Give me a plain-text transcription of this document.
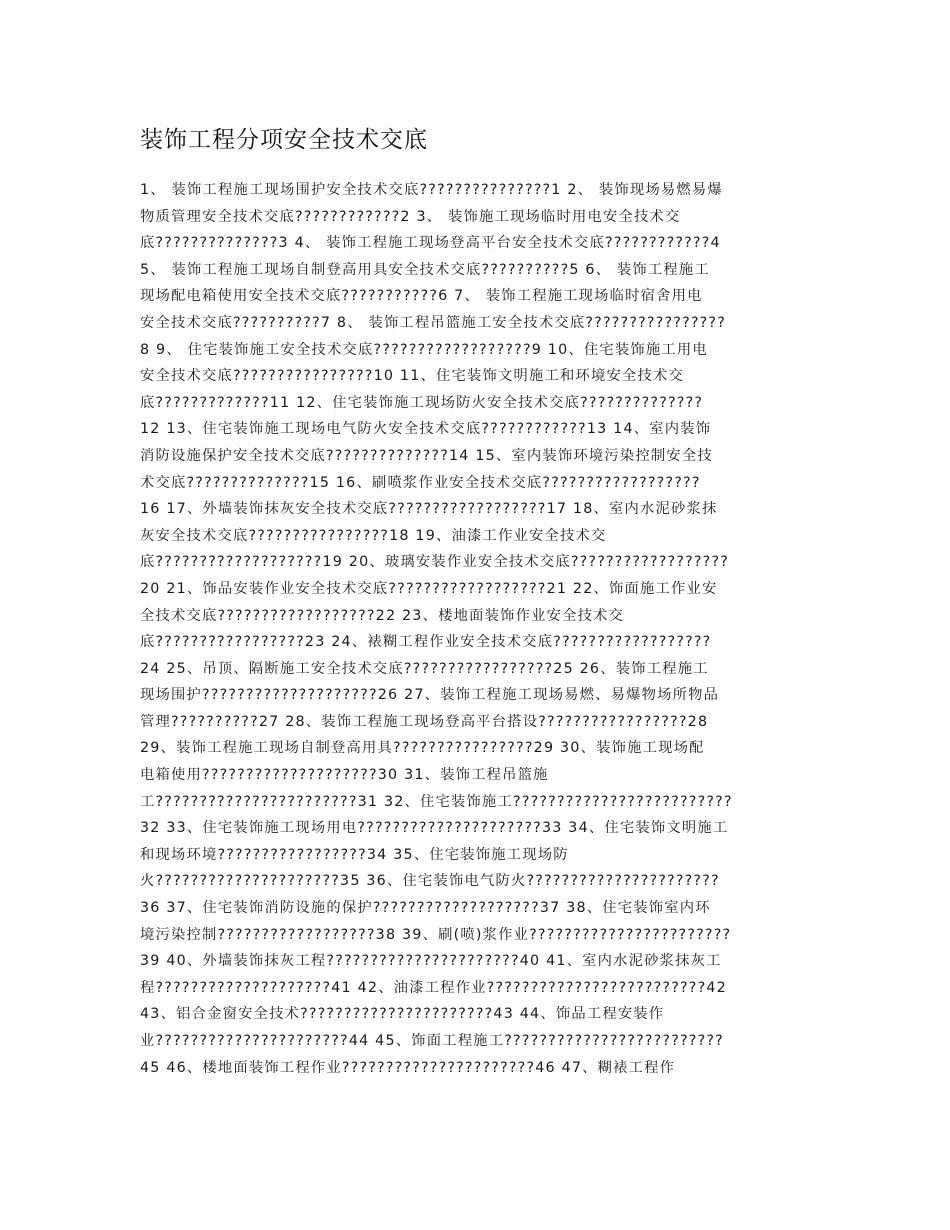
装饰工程分项安全技术交底
1、 装饰工程施工现场围护安全技术交底???????????????1 2、 装饰现场易燃易爆
物质管理安全技术交底????????????2 3、 装饰施工现场临时用电安全技术交
底??????????????3 4、 装饰工程施工现场登高平台安全技术交底????????????4
5、 装饰工程施工现场自制登高用具安全技术交底??????????5 6、 装饰工程施工
现场配电箱使用安全技术交底???????????6 7、 装饰工程施工现场临时宿舍用电
安全技术交底??????????7 8、 装饰工程吊篮施工安全技术交底????????????????
8 9、 住宅装饰施工安全技术交底??????????????????9 10、住宅装饰施工用电
安全技术交底????????????????10 11、住宅装饰文明施工和环境安全技术交
底?????????????11 12、住宅装饰施工现场防火安全技术交底??????????????
12 13、住宅装饰施工现场电气防火安全技术交底????????????13 14、室内装饰
消防设施保护安全技术交底??????????????14 15、室内装饰环境污染控制安全技
术交底??????????????15 16、刷喷浆作业安全技术交底??????????????????
16 17、外墙装饰抹灰安全技术交底??????????????????17 18、室内水泥砂浆抹
灰安全技术交底????????????????18 19、油漆工作业安全技术交
底???????????????????19 20、玻璃安装作业安全技术交底??????????????????
20 21、饰品安装作业安全技术交底??????????????????21 22、饰面施工作业安
全技术交底??????????????????22 23、楼地面装饰作业安全技术交
底?????????????????23 24、裱糊工程作业安全技术交底??????????????????
24 25、吊顶、隔断施工安全技术交底?????????????????25 26、装饰工程施工
现场围护????????????????????26 27、装饰工程施工现场易燃、易爆物场所物品
管理??????????27 28、装饰工程施工现场登高平台搭设?????????????????28
29、装饰工程施工现场自制登高用具????????????????29 30、装饰施工现场配
电箱使用????????????????????30 31、装饰工程吊篮施
工???????????????????????31 32、住宅装饰施工?????????????????????????
32 33、住宅装饰施工现场用电?????????????????????33 34、住宅装饰文明施工
和现场环境?????????????????34 35、住宅装饰施工现场防
火?????????????????????35 36、住宅装饰电气防火??????????????????????
36 37、住宅装饰消防设施的保护???????????????????37 38、住宅装饰室内环
境污染控制??????????????????38 39、刷(喷)浆作业???????????????????????
39 40、外墙装饰抹灰工程??????????????????????40 41、室内水泥砂浆抹灰工
程????????????????????41 42、油漆工程作业?????????????????????????42
43、铝合金窗安全技术??????????????????????43 44、饰品工程安装作
业??????????????????????44 45、饰面工程施工?????????????????????????
45 46、楼地面装饰工程作业??????????????????????46 47、糊裱工程作
